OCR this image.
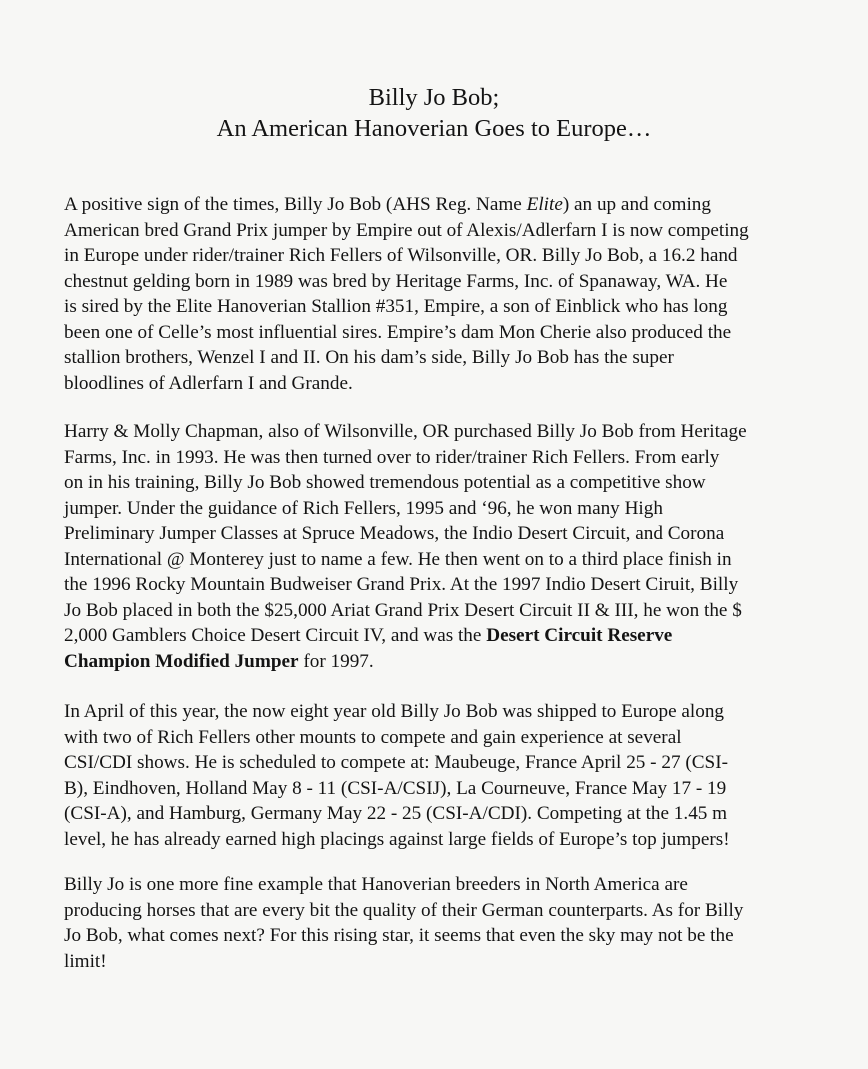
Billy Jo Bob;
An American Hanoverian Goes to Europe…
A positive sign of the times, Billy Jo Bob (AHS Reg. Name Elite) an up and coming
American bred Grand Prix jumper by Empire out of Alexis/Adlerfarn I is now competing
in Europe under rider/trainer Rich Fellers of Wilsonville, OR. Billy Jo Bob, a 16.2 hand
chestnut gelding born in 1989 was bred by Heritage Farms, Inc. of Spanaway, WA. He
is sired by the Elite Hanoverian Stallion #351, Empire, a son of Einblick who has long
been one of Celle’s most influential sires. Empire’s dam Mon Cherie also produced the
stallion brothers, Wenzel I and II. On his dam’s side, Billy Jo Bob has the super
bloodlines of Adlerfarn I and Grande.
Harry & Molly Chapman, also of Wilsonville, OR purchased Billy Jo Bob from Heritage
Farms, Inc. in 1993. He was then turned over to rider/trainer Rich Fellers. From early
on in his training, Billy Jo Bob showed tremendous potential as a competitive show
jumper. Under the guidance of Rich Fellers, 1995 and ‘96, he won many High
Preliminary Jumper Classes at Spruce Meadows, the Indio Desert Circuit, and Corona
International @ Monterey just to name a few. He then went on to a third place finish in
the 1996 Rocky Mountain Budweiser Grand Prix. At the 1997 Indio Desert Ciruit, Billy
Jo Bob placed in both the $25,000 Ariat Grand Prix Desert Circuit II & III, he won the $
2,000 Gamblers Choice Desert Circuit IV, and was the Desert Circuit Reserve
Champion Modified Jumper for 1997.
In April of this year, the now eight year old Billy Jo Bob was shipped to Europe along
with two of Rich Fellers other mounts to compete and gain experience at several
CSI/CDI shows. He is scheduled to compete at: Maubeuge, France April 25 - 27 (CSI-
B), Eindhoven, Holland May 8 - 11 (CSI-A/CSIJ), La Courneuve, France May 17 - 19
(CSI-A), and Hamburg, Germany May 22 - 25 (CSI-A/CDI). Competing at the 1.45 m
level, he has already earned high placings against large fields of Europe’s top jumpers!
Billy Jo is one more fine example that Hanoverian breeders in North America are
producing horses that are every bit the quality of their German counterparts. As for Billy
Jo Bob, what comes next? For this rising star, it seems that even the sky may not be the
limit!
